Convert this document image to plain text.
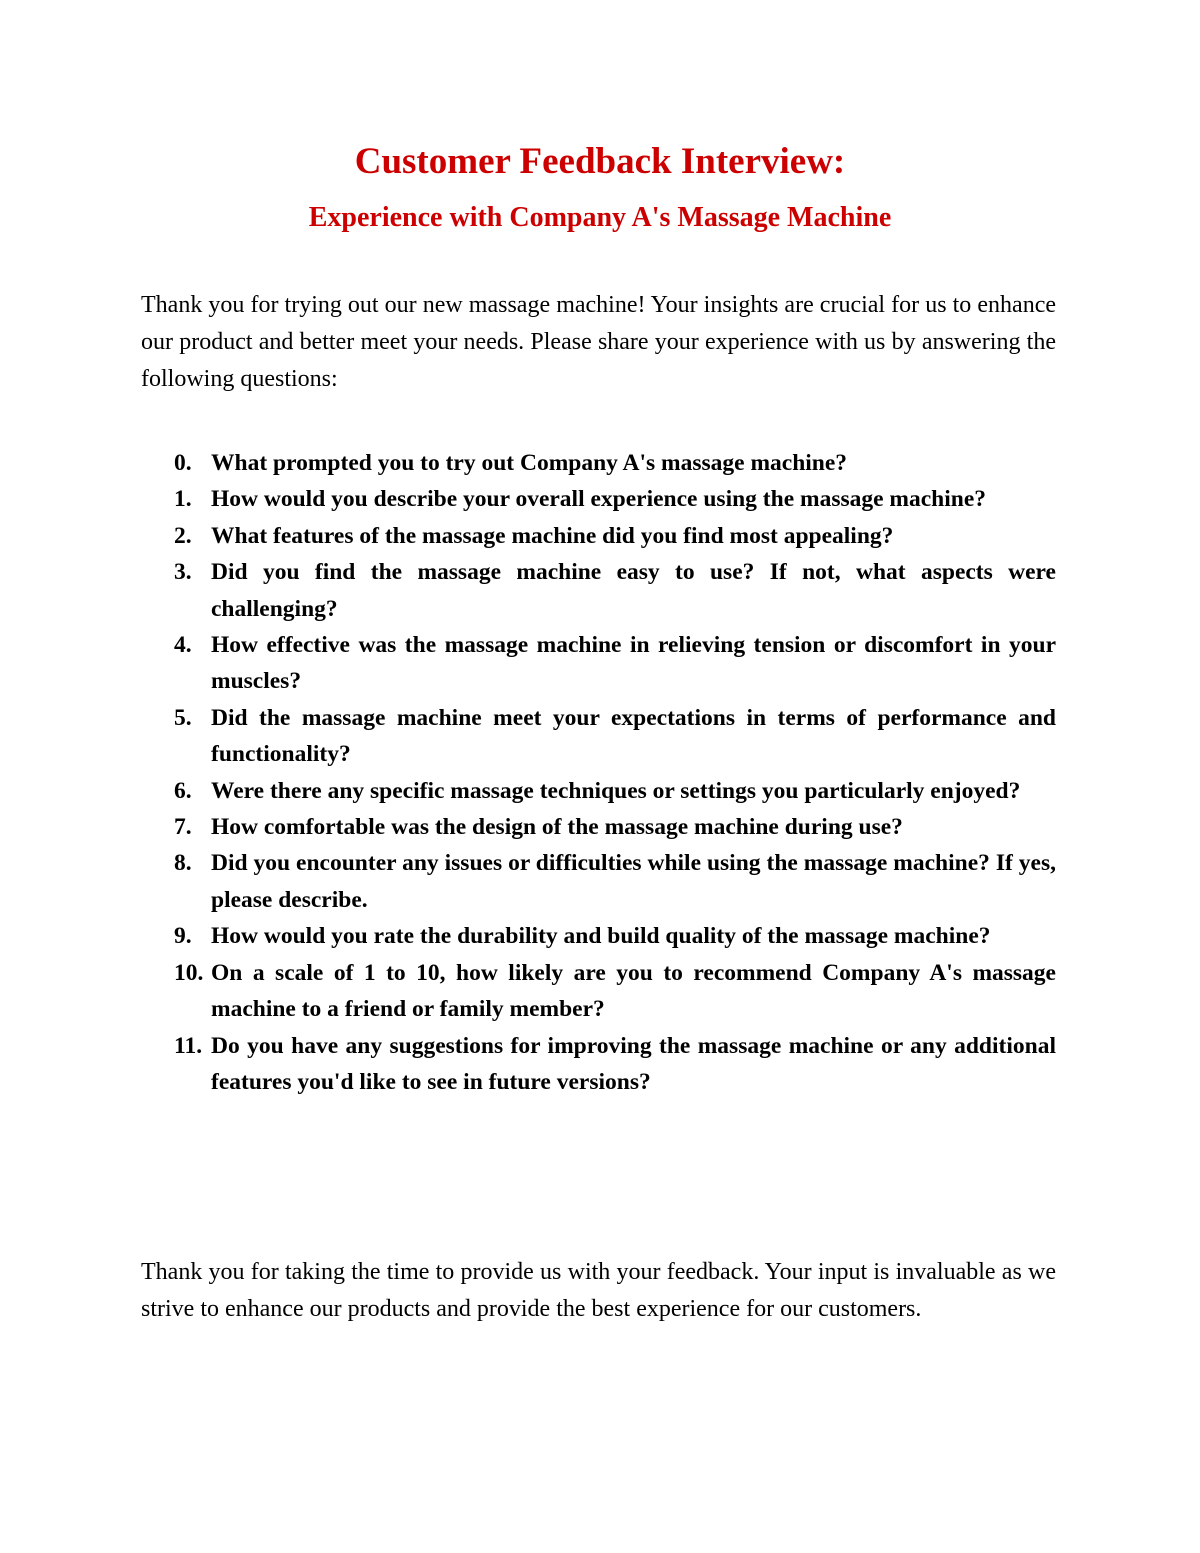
Customer Feedback Interview:
Experience with Company A's Massage Machine

Thank you for trying out our new massage machine! Your insights are crucial for us to enhance our product and better meet your needs. Please share your experience with us by answering the following questions:

0. What prompted you to try out Company A's massage machine?
1. How would you describe your overall experience using the massage machine?
2. What features of the massage machine did you find most appealing?
3. Did you find the massage machine easy to use? If not, what aspects were challenging?
4. How effective was the massage machine in relieving tension or discomfort in your muscles?
5. Did the massage machine meet your expectations in terms of performance and functionality?
6. Were there any specific massage techniques or settings you particularly enjoyed?
7. How comfortable was the design of the massage machine during use?
8. Did you encounter any issues or difficulties while using the massage machine? If yes, please describe.
9. How would you rate the durability and build quality of the massage machine?
10. On a scale of 1 to 10, how likely are you to recommend Company A's massage machine to a friend or family member?
11. Do you have any suggestions for improving the massage machine or any additional features you'd like to see in future versions?

Thank you for taking the time to provide us with your feedback. Your input is invaluable as we strive to enhance our products and provide the best experience for our customers.
